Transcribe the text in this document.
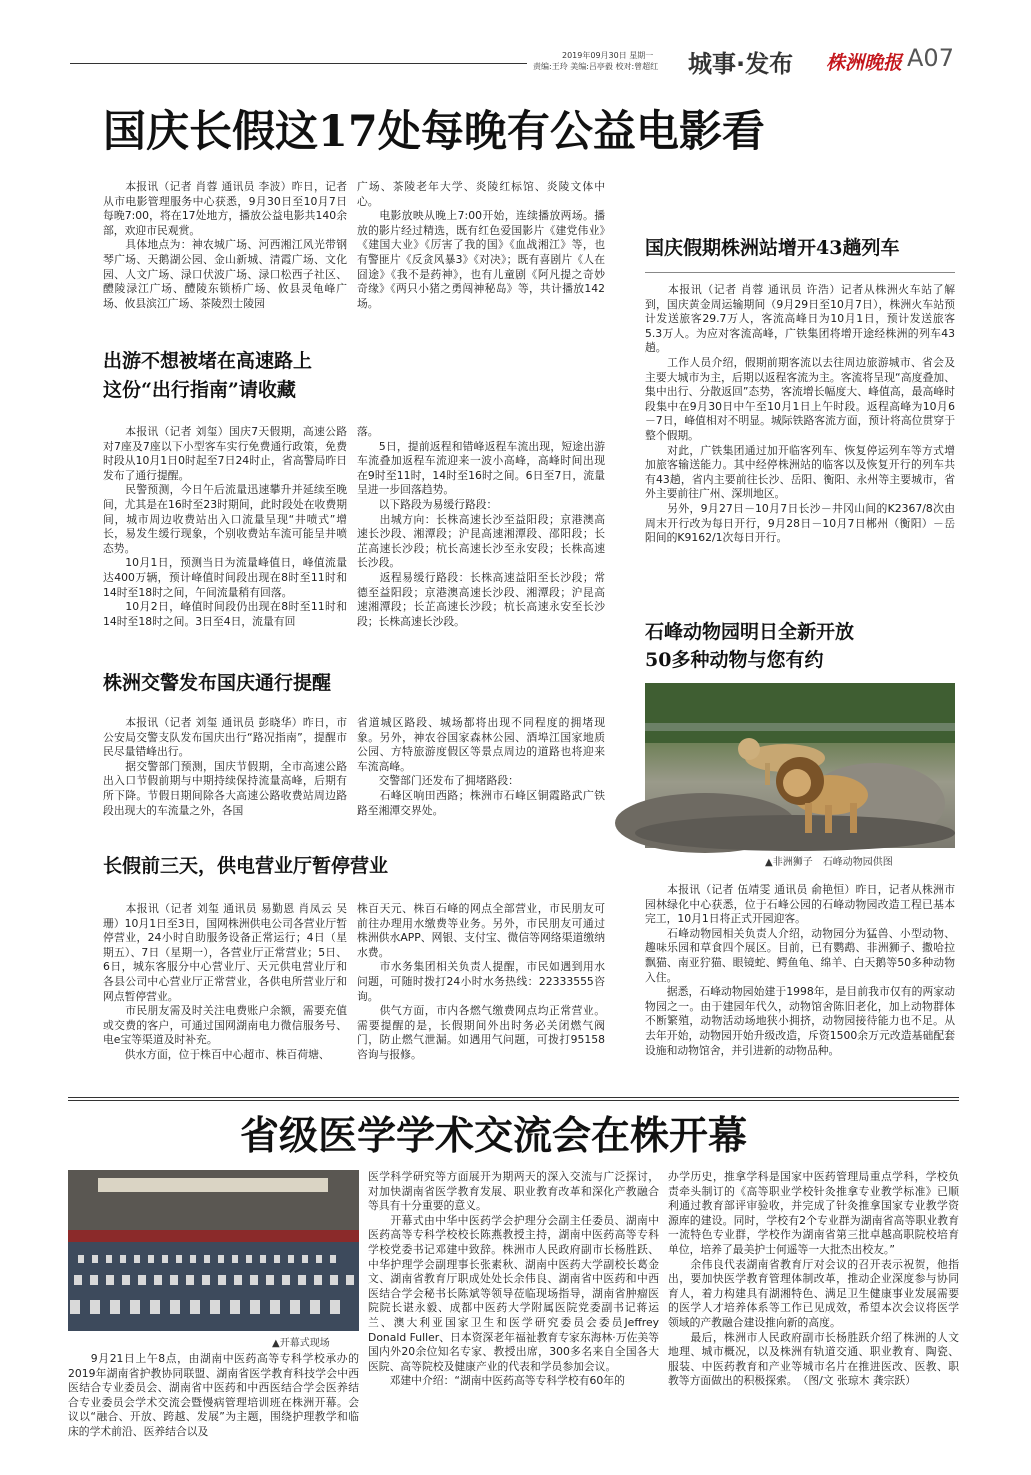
2019年09月30日 星期一
责编:王玲 美编:吕亭毅 校对:曾超红 城事·发布 株洲晚报 A07
国庆长假这17处每晚有公益电影看

　　本报讯（记者 肖蓉 通讯员 李波）昨日，记者从市电影管理服务中心获悉，9月30日至10月7日每晚7:00，将在17处地方，播放公益电影共140余部，欢迎市民观赏。
　　具体地点为：神农城广场、河西湘江风光带钢琴广场、天鹅湖公园、金山新城、清霞广场、文化园、人文广场、渌口伏波广场、渌口松西子社区、醴陵渌江广场、醴陵东锁桥广场、攸县灵龟峰广场、攸县滨江广场、茶陵烈士陵园

广场、茶陵老年大学、炎陵红标馆、炎陵文体中心。
　　电影放映从晚上7:00开始，连续播放两场。播放的影片经过精选，既有红色爱国影片《建党伟业》《建国大业》《厉害了我的国》《血战湘江》等，也有警匪片《反贪风暴3》《对决》；既有喜剧片《人在囧途》《我不是药神》，也有儿童剧《阿凡提之奇妙奇缘》《两只小猪之勇闯神秘岛》等，共计播放142场。

出游不想被堵在高速路上
这份“出行指南”请收藏

　　本报讯（记者 刘玺）国庆7天假期，高速公路对7座及7座以下小型客车实行免费通行政策，免费时段从10月1日0时起至7日24时止，省高警局昨日发布了通行提醒。
　　民警预测，今日午后流量迅速攀升并延续至晚间，尤其是在16时至23时期间，此时段处在收费期间，城市周边收费站出入口流量呈现“井喷式”增长，易发生缓行现象，个别收费站车流可能呈井喷态势。
　　10月1日，预测当日为流量峰值日，峰值流量达400万辆，预计峰值时间段出现在8时至11时和14时至18时之间，午间流量稍有回落。
　　10月2日，峰值时间段仍出现在8时至11时和14时至18时之间。3日至4日，流量有回

落。
　　5日，提前返程和错峰返程车流出现，短途出游车流叠加返程车流迎来一波小高峰，高峰时间出现在9时至11时，14时至16时之间。6日至7日，流量呈进一步回落趋势。
　　以下路段为易缓行路段：
　　出城方向：长株高速长沙至益阳段；京港澳高速长沙段、湘潭段；沪昆高速湘潭段、邵阳段；长芷高速长沙段；杭长高速长沙至永安段；长株高速长沙段。
　　返程易缓行路段：长株高速益阳至长沙段；常德至益阳段；京港澳高速长沙段、湘潭段；沪昆高速湘潭段；长芷高速长沙段；杭长高速永安至长沙段；长株高速长沙段。

株洲交警发布国庆通行提醒

　　本报讯（记者 刘玺 通讯员 彭晓华）昨日，市公安局交警支队发布国庆出行“路况指南”，提醒市民尽量错峰出行。
　　据交警部门预测，国庆节假期，全市高速公路出入口节假前期与中期持续保持流量高峰，后期有所下降。节假日期间除各大高速公路收费站周边路段出现大的车流量之外，各国

省道城区路段、城场都将出现不同程度的拥堵现象。另外，神农谷国家森林公园、酒埠江国家地质公园、方特旅游度假区等景点周边的道路也将迎来车流高峰。
　　交警部门还发布了拥堵路段：
　　石峰区响田西路；株洲市石峰区铜霞路武广铁路至湘潭交界处。

长假前三天，供电营业厅暂停营业

　　本报讯（记者 刘玺 通讯员 易勤恩 肖凤云 吴珊）10月1日至3日，国网株洲供电公司各营业厅暂停营业，24小时自助服务设备正常运行；4日（星期五）、7日（星期一），各营业厅正常营业；5日、6日，城东客服分中心营业厅、天元供电营业厅和各县公司中心营业厅正常营业，各供电所营业厅和网点暂停营业。
　　市民朋友需及时关注电费账户余额，需要充值或交费的客户，可通过国网湖南电力微信服务号、电e宝等渠道及时补充。
　　供水方面，位于株百中心超市、株百荷塘、

株百天元、株百石峰的网点全部营业，市民朋友可前往办理用水缴费等业务。另外，市民朋友可通过株洲供水APP、网银、支付宝、微信等网络渠道缴纳水费。
　　市水务集团相关负责人提醒，市民如遇到用水问题，可随时拨打24小时水务热线：22333555咨询。
　　供气方面，市内各燃气缴费网点均正常营业。需要提醒的是，长假期间外出时务必关闭燃气阀门，防止燃气泄漏。如遇用气问题，可拨打95158咨询与报修。

国庆假期株洲站增开43趟列车

　　本报讯（记者 肖蓉 通讯员 许浩）记者从株洲火车站了解到，国庆黄金周运输期间（9月29日至10月7日），株洲火车站预计发送旅客29.7万人，客流高峰日为10月1日，预计发送旅客5.3万人。为应对客流高峰，广铁集团将增开途经株洲的列车43趟。
　　工作人员介绍，假期前期客流以去往周边旅游城市、省会及主要大城市为主，后期以返程客流为主。客流将呈现“高度叠加、集中出行、分散返回”态势，客流增长幅度大、峰值高，最高峰时段集中在9月30日中午至10月1日上午时段。返程高峰为10月6－7日，峰值相对不明显。城际铁路客流方面，预计将高位贯穿于整个假期。
　　对此，广铁集团通过加开临客列车、恢复停运列车等方式增加旅客输送能力。其中经停株洲站的临客以及恢复开行的列车共有43趟，省内主要前往长沙、岳阳、衡阳、永州等主要城市，省外主要前往广州、深圳地区。
　　另外，9月27日－10月7日长沙－井冈山间的K2367/8次由周末开行改为每日开行，9月28日－10月7日郴州（衡阳）－岳阳间的K9162/1次每日开行。

石峰动物园明日全新开放
50多种动物与您有约
▲非洲狮子　石峰动物园供图

　　本报讯（记者 伍靖雯 通讯员 俞艳恒）昨日，记者从株洲市园林绿化中心获悉，位于石峰公园的石峰动物园改造工程已基本完工，10月1日将正式开园迎客。
　　石峰动物园相关负责人介绍，动物园分为猛兽、小型动物、趣味乐园和草食四个展区。目前，已有鹦鹉、非洲狮子、撒哈拉飘猫、南亚狞猫、眼镜蛇、鳄鱼龟、绵羊、白天鹅等50多种动物入住。
　　据悉，石峰动物园始建于1998年，是目前我市仅有的两家动物园之一。由于建园年代久，动物馆舍陈旧老化，加上动物群体不断繁殖，动物活动场地狭小拥挤，动物园接待能力也不足。从去年开始，动物园开始升级改造，斥资1500余万元改造基础配套设施和动物馆舍，并引进新的动物品种。

省级医学学术交流会在株开幕
▲开幕式现场

　　9月21日上午8点，由湖南中医药高等专科学校承办的2019年湖南省护教协同联盟、湖南省医学教育科技学会中西医结合专业委员会、湖南省中医药和中西医结合学会医养结合专业委员会学术交流会暨慢病管理培训班在株洲开幕。会议以“融合、开放、跨越、发展”为主题，围绕护理教学和临床的学术前沿、医养结合以及

医学科学研究等方面展开为期两天的深入交流与广泛探讨，对加快湖南省医学教育发展、职业教育改革和深化产教融合等具有十分重要的意义。
　　开幕式由中华中医药学会护理分会副主任委员、湖南中医药高等专科学校校长陈燕教授主持，湖南中医药高等专科学校党委书记邓建中致辞。株洲市人民政府副市长杨胜跃、中华护理学会副理事长张素秋、湖南中医药大学副校长葛金文、湖南省教育厅职成处处长余伟良、湖南省中医药和中西医结合学会秘书长陈斌等领导莅临现场指导，湖南省肿瘤医院院长谌永毅、成都中医药大学附属医院党委副书记蒋运兰、澳大利亚国家卫生和医学研究委员会委员Jeffrey Donald Fuller、日本资深老年福祉教育专家东海林·万佐美等国内外20余位知名专家、教授出席，300多名来自全国各大医院、高等院校及健康产业的代表和学员参加会议。
　　邓建中介绍：“湖南中医药高等专科学校有60年的

办学历史，推拿学科是国家中医药管理局重点学科，学校负责牵头制订的《高等职业学校针灸推拿专业教学标准》已顺利通过教育部评审验收，并完成了针灸推拿国家专业教学资源库的建设。同时，学校有2个专业群为湖南省高等职业教育一流特色专业群，学校作为湖南省第三批卓越高职院校培育单位，培养了最美护士何遥等一大批杰出校友。”
　　余伟良代表湖南省教育厅对会议的召开表示祝贺，他指出，要加快医学教育管理体制改革，推动企业深度参与协同育人，着力构建具有湖湘特色、满足卫生健康事业发展需要的医学人才培养体系等工作已见成效，希望本次会议将医学领域的产教融合建设推向新的高度。
　　最后，株洲市人民政府副市长杨胜跃介绍了株洲的人文地理、城市概况，以及株洲有轨道交通、职业教育、陶瓷、服装、中医药教育和产业等城市名片在推进医改、医教、职教等方面做出的积极探索。　（图/文 张琼木 龚宗跃）
